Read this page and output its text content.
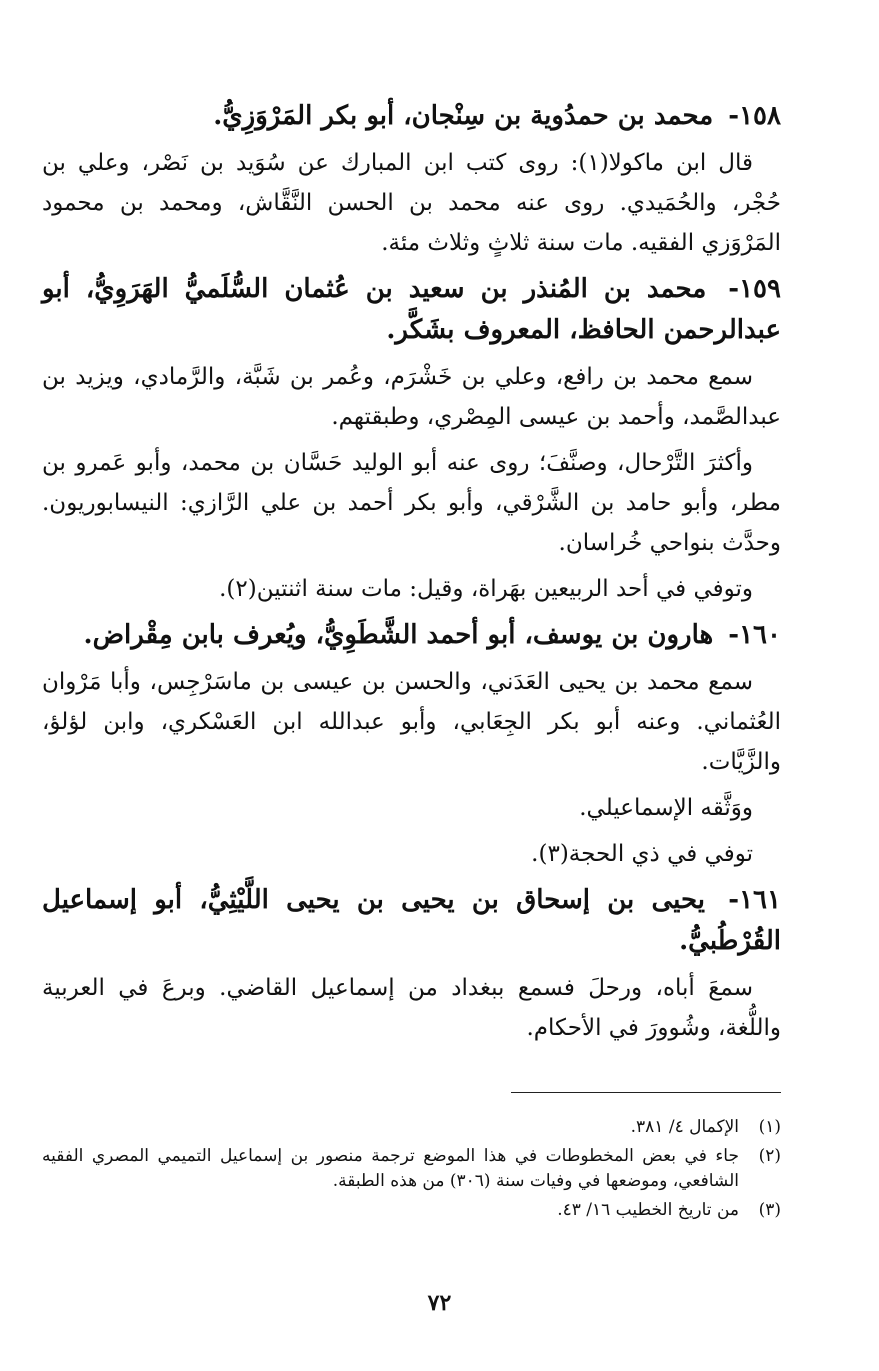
١٥٨- محمد بن حمدُوية بن سِنْجان، أبو بكر المَرْوَزِيُّ.

قال ابن ماكولا(١): روى كتب ابن المبارك عن سُوَيد بن نَصْر، وعلي بن حُجْر، والحُمَيدي. روى عنه محمد بن الحسن النَّقَّاش، ومحمد بن محمود المَرْوَزي الفقيه. مات سنة ثلاثٍ وثلاث مئة.

١٥٩- محمد بن المُنذر بن سعيد بن عُثمان السُّلَميُّ الهَرَوِيُّ، أبو عبدالرحمن الحافظ، المعروف بشَكَّر.

سمع محمد بن رافع، وعلي بن خَشْرَم، وعُمر بن شَبَّة، والرَّمادي، ويزيد بن عبدالصَّمد، وأحمد بن عيسى المِصْري، وطبقتهم.

وأكثرَ التَّرْحال، وصنَّفَ؛ روى عنه أبو الوليد حَسَّان بن محمد، وأبو عَمرو بن مطر، وأبو حامد بن الشَّرْقي، وأبو بكر أحمد بن علي الرَّازي: النيسابوريون. وحدَّث بنواحي خُراسان.

وتوفي في أحد الربيعين بهَراة، وقيل: مات سنة اثنتين(٢).

١٦٠- هارون بن يوسف، أبو أحمد الشَّطَوِيُّ، ويُعرف بابن مِقْراض.

سمع محمد بن يحيى العَدَني، والحسن بن عيسى بن ماسَرْجِس، وأبا مَرْوان العُثماني. وعنه أبو بكر الجِعَابي، وأبو عبدالله ابن العَسْكري، وابن لؤلؤ، والزَّيَّات.

ووَثَّقه الإسماعيلي.

توفي في ذي الحجة(٣).

١٦١- يحيى بن إسحاق بن يحيى بن يحيى اللَّيْثِيُّ، أبو إسماعيل القُرْطُبيُّ.

سمعَ أباه، ورحلَ فسمع ببغداد من إسماعيل القاضي. وبرعَ في العربية واللُّغة، وشُوورَ في الأحكام.

(١)
الإكمال ٤/ ٣٨١.
(٢)
جاء في بعض المخطوطات في هذا الموضع ترجمة منصور بن إسماعيل التميمي المصري الفقيه الشافعي، وموضعها في وفيات سنة (٣٠٦) من هذه الطبقة.
(٣)
من تاريخ الخطيب ١٦/ ٤٣.
٧٢
